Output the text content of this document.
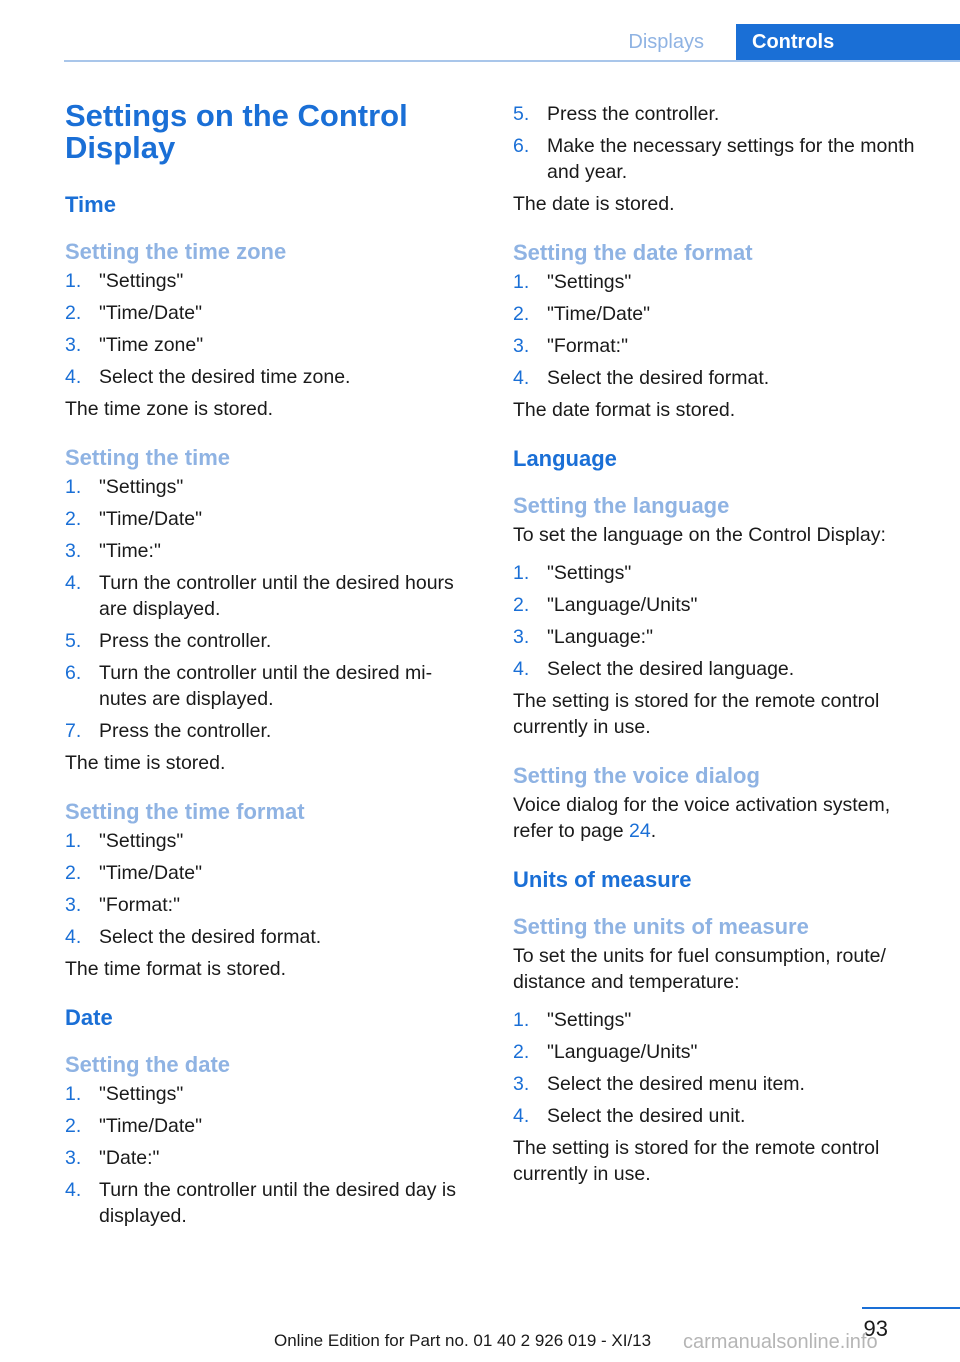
Displays	Controls
Settings on the Control Display
Time
Setting the time zone
1. "Settings"
2. "Time/Date"
3. "Time zone"
4. Select the desired time zone.

The time zone is stored.

Setting the time
1. "Settings"
2. "Time/Date"
3. "Time:"
4. Turn the controller until the desired hours are displayed.
5. Press the controller.
6. Turn the controller until the desired mi‐nutes are displayed.
7. Press the controller.

The time is stored.

Setting the time format
1. "Settings"
2. "Time/Date"
3. "Format:"
4. Select the desired format.

The time format is stored.

Date
Setting the date
1. "Settings"
2. "Time/Date"
3. "Date:"
4. Turn the controller until the desired day is displayed.
5. Press the controller.
6. Make the necessary settings for the month and year.

The date is stored.

Setting the date format
1. "Settings"
2. "Time/Date"
3. "Format:"
4. Select the desired format.

The date format is stored.

Language
Setting the language

To set the language on the Control Display:

1. "Settings"
2. "Language/Units"
3. "Language:"
4. Select the desired language.

The setting is stored for the remote control currently in use.

Setting the voice dialog

Voice dialog for the voice activation system, refer to page 24.

Units of measure
Setting the units of measure

To set the units for fuel consumption, route/ distance and temperature:

1. "Settings"
2. "Language/Units"
3. Select the desired menu item.
4. Select the desired unit.

The setting is stored for the remote control currently in use.

93
Online Edition for Part no. 01 40 2 926 019 - XI/13 carmanualsonline.info
